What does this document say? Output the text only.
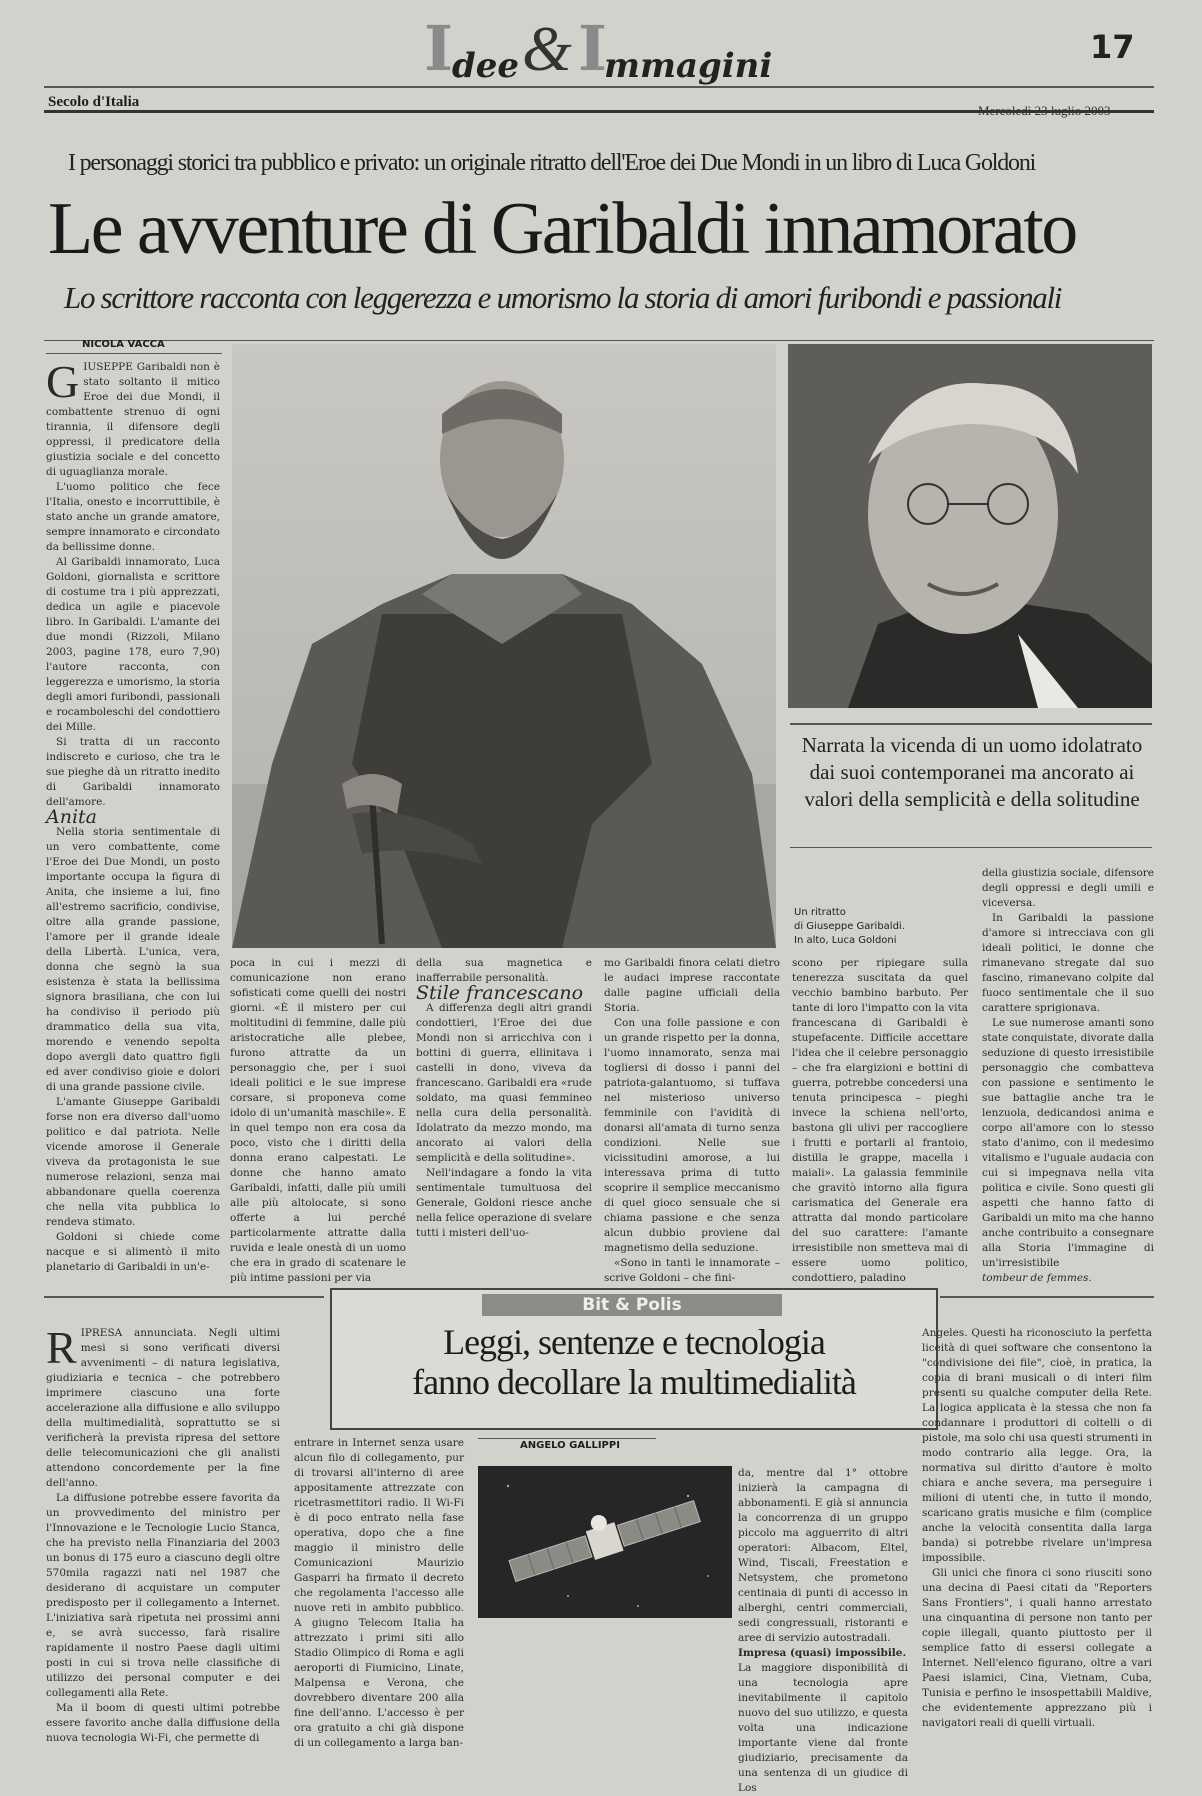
I
dee & I
mmagini	17
Secolo d'Italia
I personaggi storici tra pubblico e privato: un originale ritratto dell'Eroe dei Due Mondi in un libro di Luca Goldoni
Le avventure di Garibaldi innamorato
Lo scrittore racconta con leggerezza e umorismo la storia di amori furibondi e passionali
NICOLA VACCA

G IUSEPPE Garibaldi non è stato soltanto il mitico Eroe dei due Mondi, il combattente strenuo di ogni tirannia, il difensore degli oppressi, il predicatore della giustizia sociale e del concetto di uguaglianza morale.

L'uomo politico che fece l'Italia, onesto e incorruttibile, è stato anche un grande amatore, sempre innamorato e circondato da bellissime donne.

Al Garibaldi innamorato, Luca Goldoni, giornalista e scrittore di costume tra i più apprezzati, dedica un agile e piacevole libro. In Garibaldi. L'amante dei due mondi (Rizzoli, Milano 2003, pagine 178, euro 7,90) l'autore racconta, con leggerezza e umorismo, la storia degli amori furibondi, passionali e rocamboleschi del condottiero dei Mille.

Si tratta di un racconto indiscreto e curioso, che tra le sue pieghe dà un ritratto inedito di Garibaldi innamorato dell'amore.

Anita

Nella storia sentimentale di un vero combattente, come l'Eroe dei Due Mondi, un posto importante occupa la figura di Anita, che insieme a lui, fino all'estremo sacrificio, condivise, oltre alla grande passione, l'amore per il grande ideale della Libertà. L'unica, vera, donna che segnò la sua esistenza è stata la bellissima signora brasiliana, che con lui ha condiviso il periodo più drammatico della sua vita, morendo e venendo sepolta dopo avergli dato quattro figli ed aver condiviso gioie e dolori di una grande passione civile.

L'amante Giuseppe Garibaldi forse non era diverso dall'uomo politico e dal patriota. Nelle vicende amorose il Generale viveva da protagonista le sue numerose relazioni, senza mai abbandonare quella coerenza che nella vita pubblica lo rendeva stimato.

Goldoni si chiede come nacque e si alimentò il mito planetario di Garibaldi in un'e-

Narrata la vicenda di un uomo idolatrato dai suoi contemporanei ma ancorato ai valori della semplicità e della solitudine
Un ritratto
di Giuseppe Garibaldi.
In alto, Luca Goldoni

poca in cui i mezzi di comunicazione non erano sofisticati come quelli dei nostri giorni. «È il mistero per cui moltitudini di femmine, dalle più aristocratiche alle plebee, furono attratte da un personaggio che, per i suoi ideali politici e le sue imprese corsare, si proponeva come idolo di un'umanità maschile». E in quel tempo non era cosa da poco, visto che i diritti della donna erano calpestati. Le donne che hanno amato Garibaldi, infatti, dalle più umili alle più altolocate, si sono offerte a lui perché particolarmente attratte dalla ruvida e leale onestà di un uomo che era in grado di scatenare le più intime passioni per via

della sua magnetica e inafferrabile personalità.

Stile francescano

A differenza degli altri grandi condottieri, l'Eroe dei due Mondi non si arricchiva con i bottini di guerra, ellinitava i castelli in dono, viveva da francescano. Garibaldi era «rude soldato, ma quasi femmineo nella cura della personalità. Idolatrato da mezzo mondo, ma ancorato ai valori della semplicità e della solitudine».

Nell'indagare a fondo la vita sentimentale tumultuosa del Generale, Goldoni riesce anche nella felice operazione di svelare tutti i misteri dell'uo-

mo Garibaldi finora celati dietro le audaci imprese raccontate dalle pagine ufficiali della Storia.

Con una folle passione e con un grande rispetto per la donna, l'uomo innamorato, senza mai togliersi di dosso i panni del patriota-galantuomo, si tuffava nel misterioso universo femminile con l'avidità di donarsi all'amata di turno senza condizioni. Nelle sue vicissitudini amorose, a lui interessava prima di tutto scoprire il semplice meccanismo di quel gioco sensuale che si chiama passione e che senza alcun dubbio proviene dal magnetismo della seduzione.

«Sono in tanti le innamorate – scrive Goldoni – che fini-

scono per ripiegare sulla tenerezza suscitata da quel vecchio bambino barbuto. Per tante di loro l'impatto con la vita francescana di Garibaldi è stupefacente. Difficile accettare l'idea che il celebre personaggio – che fra elargizioni e bottini di guerra, potrebbe concedersi una tenuta principesca – pieghi invece la schiena nell'orto, bastona gli ulivi per raccogliere i frutti e portarli al frantoio, distilla le grappe, macella i maiali». La galassia femminile che gravitò intorno alla figura carismatica del Generale era attratta dal mondo particolare del suo carattere: l'amante irresistibile non smetteva mai di essere uomo politico, condottiero, paladino

della giustizia sociale, difensore degli oppressi e degli umili e viceversa.

In Garibaldi la passione d'amore si intrecciava con gli ideali politici, le donne che rimanevano stregate dal suo fascino, rimanevano colpite dal fuoco sentimentale che il suo carattere sprigionava.

Le sue numerose amanti sono state conquistate, divorate dalla seduzione di questo irresistibile personaggio che combatteva con passione e sentimento le sue battaglie anche tra le lenzuola, dedicandosi anima e corpo all'amore con lo stesso stato d'animo, con il medesimo vitalismo e l'uguale audacia con cui si impegnava nella vita politica e civile. Sono questi gli aspetti che hanno fatto di Garibaldi un mito ma che hanno anche contribuito a consegnare alla Storia l'immagine di un'irresistibile

tombeur de femmes.

Bit & Polis
Leggi, sentenze e tecnologia
fanno decollare la multimedialità
ANGELO GALLIPPI

R IPRESA annunciata. Negli ultimi mesi si sono verificati diversi avvenimenti – di natura legislativa, giudiziaria e tecnica – che potrebbero imprimere ciascuno una forte accelerazione alla diffusione e allo sviluppo della multimedialità, soprattutto se si verificherà la prevista ripresa del settore delle telecomunicazioni che gli analisti attendono concordemente per la fine dell'anno.

La diffusione potrebbe essere favorita da un provvedimento del ministro per l'Innovazione e le Tecnologie Lucio Stanca, che ha previsto nella Finanziaria del 2003 un bonus di 175 euro a ciascuno degli oltre 570mila ragazzi nati nel 1987 che desiderano di acquistare un computer predisposto per il collegamento a Internet. L'iniziativa sarà ripetuta nei prossimi anni e, se avrà successo, farà risalire rapidamente il nostro Paese dagli ultimi posti in cui si trova nelle classifiche di utilizzo dei personal computer e dei collegamenti alla Rete.

Ma il boom di questi ultimi potrebbe essere favorito anche dalla diffusione della nuova tecnologia Wi-Fi, che permette di

entrare in Internet senza usare alcun filo di collegamento, pur di trovarsi all'interno di aree appositamente attrezzate con ricetrasmettitori radio. Il Wi-Fi è di poco entrato nella fase operativa, dopo che a fine maggio il ministro delle Comunicazioni Maurizio Gasparri ha firmato il decreto che regolamenta l'accesso alle nuove reti in ambito pubblico. A giugno Telecom Italia ha attrezzato i primi siti allo Stadio Olimpico di Roma e agli aeroporti di Fiumicino, Linate, Malpensa e Verona, che dovrebbero diventare 200 alla fine dell'anno. L'accesso è per ora gratuito a chi già dispone di un collegamento a larga ban-

da, mentre dal 1° ottobre inizierà la campagna di abbonamenti. E già si annuncia la concorrenza di un gruppo piccolo ma agguerrito di altri operatori: Albacom, Eltel, Wind, Tiscali, Freestation e Netsystem, che prometono centinaia di punti di accesso in alberghi, centri commerciali, sedi congressuali, ristoranti e aree di servizio autostradali.

Impresa (quasi) impossibile.

La maggiore disponibilità di una tecnologia apre inevitabilmente il capitolo nuovo del suo utilizzo, e questa volta una indicazione importante viene dal fronte giudiziario, precisamente da una sentenza di un giudice di Los

Angeles. Questi ha riconosciuto la perfetta liceità di quei software che consentono la "condivisione dei file", cioè, in pratica, la copia di brani musicali o di interi film presenti su qualche computer della Rete. La logica applicata è la stessa che non fa condannare i produttori di coltelli o di pistole, ma solo chi usa questi strumenti in modo contrario alla legge. Ora, la normativa sul diritto d'autore è molto chiara e anche severa, ma perseguire i milioni di utenti che, in tutto il mondo, scaricano gratis musiche e film (complice anche la velocità consentita dalla larga banda) si potrebbe rivelare un'impresa impossibile.

Gli unici che finora ci sono riusciti sono una decina di Paesi citati da "Reporters Sans Frontiers", i quali hanno arrestato una cinquantina di persone non tanto per copie illegali, quanto piuttosto per il semplice fatto di essersi collegate a Internet. Nell'elenco figurano, oltre a vari Paesi islamici, Cina, Vietnam, Cuba, Tunisia e perfino le insospettabili Maldive, che evidentemente apprezzano più i navigatori reali di quelli virtuali.
